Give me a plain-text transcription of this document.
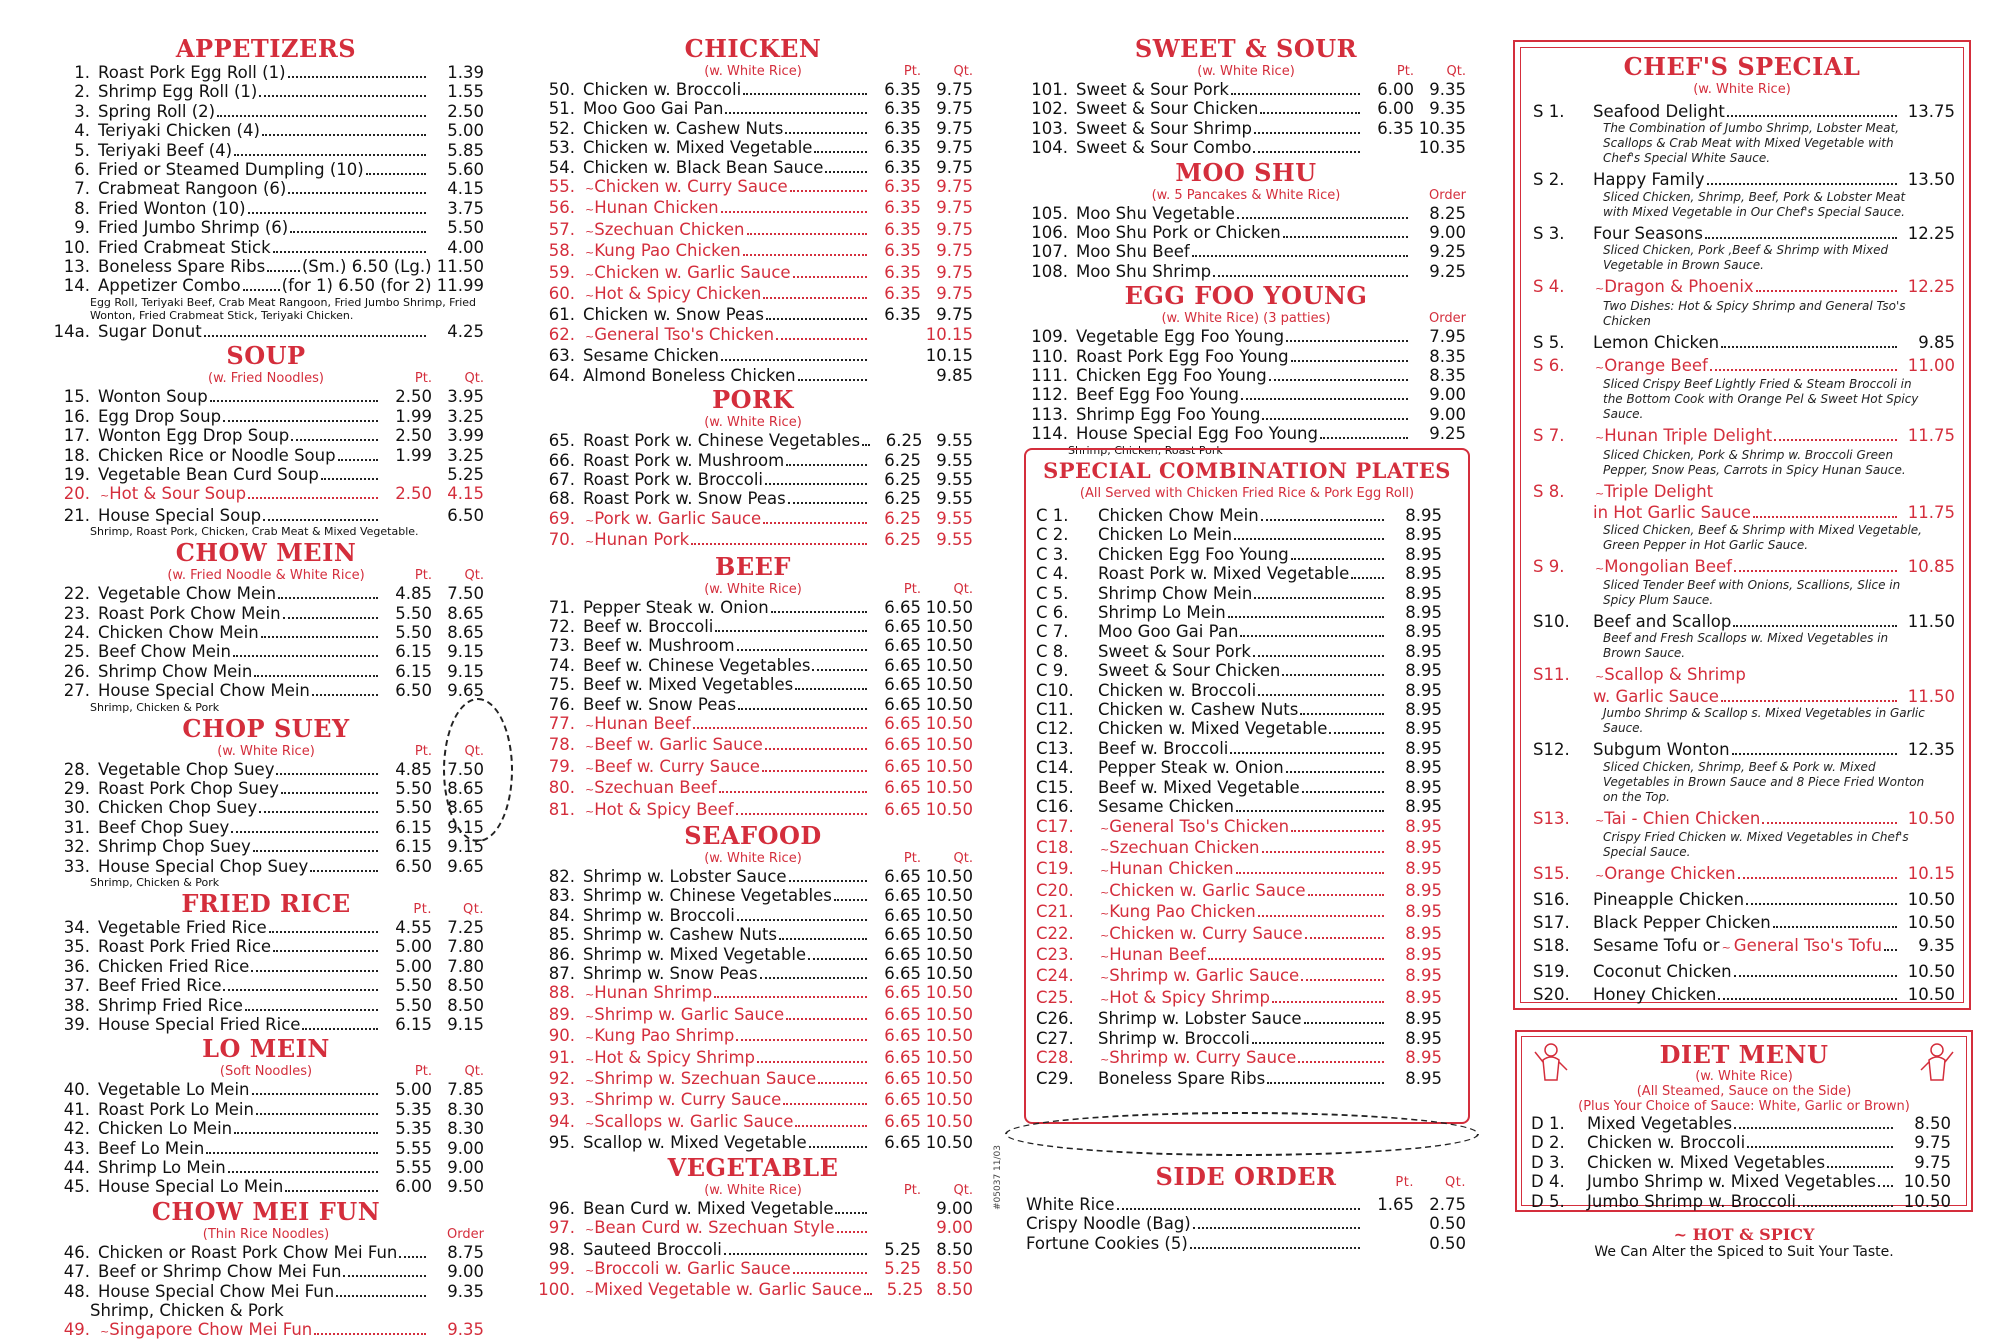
APPETIZERS
1. Roast Pork Egg Roll (1)	1.39
2. Shrimp Egg Roll (1)	1.55
3. Spring Roll (2)	2.50
4. Teriyaki Chicken (4)	5.00
5. Teriyaki Beef (4)	5.85
6. Fried or Steamed Dumpling (10)	5.60
7. Crabmeat Rangoon (6)	4.15
8. Fried Wonton (10)	3.75
9. Fried Jumbo Shrimp (6)	5.50
10. Fried Crabmeat Stick	4.00
13. Boneless Spare Ribs (Sm.) 6.50 (Lg.) 11.50
14. Appetizer Combo (for 1) 6.50 (for 2) 11.99
Egg Roll, Teriyaki Beef, Crab Meat Rangoon, Fried Jumbo Shrimp, Fried Wonton, Fried Crabmeat Stick, Teriyaki Chicken.
14a. Sugar Donut	4.25
SOUP
(w. Fried Noodles)	Pt.	Qt.
15. Wonton Soup	2.50 3.95
16. Egg Drop Soup	1.99 3.25
17. Wonton Egg Drop Soup	2.50 3.99
18. Chicken Rice or Noodle Soup	1.99 3.25
19. Vegetable Bean Curd Soup	5.25
20. ~ Hot & Sour Soup	2.50 4.15
21. House Special Soup	6.50
Shrimp, Roast Pork, Chicken, Crab Meat & Mixed Vegetable.
CHOW MEIN
(w. Fried Noodle & White Rice)	Pt.	Qt.
22. Vegetable Chow Mein	4.85 7.50
23. Roast Pork Chow Mein	5.50 8.65
24. Chicken Chow Mein	5.50 8.65
25. Beef Chow Mein	6.15 9.15
26. Shrimp Chow Mein	6.15 9.15
27. House Special Chow Mein	6.50 9.65
Shrimp, Chicken & Pork
CHOP SUEY
(w. White Rice)	Pt.	Qt.
28. Vegetable Chop Suey	4.85 7.50
29. Roast Pork Chop Suey	5.50 8.65
30. Chicken Chop Suey	5.50 8.65
31. Beef Chop Suey	6.15 9.15
32. Shrimp Chop Suey	6.15 9.15
33. House Special Chop Suey	6.50 9.65
Shrimp, Chicken & Pork
FRIED RICE	Pt. Qt.
34. Vegetable Fried Rice	4.55 7.25
35. Roast Pork Fried Rice	5.00 7.80
36. Chicken Fried Rice	5.00 7.80
37. Beef Fried Rice	5.50 8.50
38. Shrimp Fried Rice	5.50 8.50
39. House Special Fried Rice	6.15 9.15
LO MEIN
(Soft Noodles)	Pt.	Qt.
40. Vegetable Lo Mein	5.00 7.85
41. Roast Pork Lo Mein	5.35 8.30
42. Chicken Lo Mein	5.35 8.30
43. Beef Lo Mein	5.55 9.00
44. Shrimp Lo Mein	5.55 9.00
45. House Special Lo Mein	6.00 9.50
CHOW MEI FUN
(Thin Rice Noodles)	Order
46. Chicken or Roast Pork Chow Mei Fun	8.75
47. Beef or Shrimp Chow Mei Fun	9.00
48. House Special Chow Mei Fun	9.35
Shrimp, Chicken & Pork
49. ~ Singapore Chow Mei Fun	9.35
CHICKEN
(w. White Rice)	Pt.	Qt.
50. Chicken w. Broccoli	6.35 9.75
51. Moo Goo Gai Pan	6.35 9.75
52. Chicken w. Cashew Nuts	6.35 9.75
53. Chicken w. Mixed Vegetable	6.35 9.75
54. Chicken w. Black Bean Sauce	6.35 9.75
55. ~ Chicken w. Curry Sauce	6.35 9.75
56. ~ Hunan Chicken	6.35 9.75
57. ~ Szechuan Chicken	6.35 9.75
58. ~ Kung Pao Chicken	6.35 9.75
59. ~ Chicken w. Garlic Sauce	6.35 9.75
60. ~ Hot & Spicy Chicken	6.35 9.75
61. Chicken w. Snow Peas	6.35 9.75
62. ~ General Tso's Chicken	10.15
63. Sesame Chicken	10.15
64. Almond Boneless Chicken	9.85
PORK
(w. White Rice)
65. Roast Pork w. Chinese Vegetables	6.25 9.55
66. Roast Pork w. Mushroom	6.25 9.55
67. Roast Pork w. Broccoli	6.25 9.55
68. Roast Pork w. Snow Peas	6.25 9.55
69. ~ Pork w. Garlic Sauce	6.25 9.55
70. ~ Hunan Pork	6.25 9.55
BEEF
(w. White Rice)	Pt.	Qt.
71. Pepper Steak w. Onion	6.65 10.50
72. Beef w. Broccoli	6.65 10.50
73. Beef w. Mushroom	6.65 10.50
74. Beef w. Chinese Vegetables	6.65 10.50
75. Beef w. Mixed Vegetables	6.65 10.50
76. Beef w. Snow Peas	6.65 10.50
77. ~ Hunan Beef	6.65 10.50
78. ~ Beef w. Garlic Sauce	6.65 10.50
79. ~ Beef w. Curry Sauce	6.65 10.50
80. ~ Szechuan Beef	6.65 10.50
81. ~ Hot & Spicy Beef	6.65 10.50
SEAFOOD
(w. White Rice)	Pt.	Qt.
82. Shrimp w. Lobster Sauce	6.65 10.50
83. Shrimp w. Chinese Vegetables	6.65 10.50
84. Shrimp w. Broccoli	6.65 10.50
85. Shrimp w. Cashew Nuts	6.65 10.50
86. Shrimp w. Mixed Vegetable	6.65 10.50
87. Shrimp w. Snow Peas	6.65 10.50
88. ~ Hunan Shrimp	6.65 10.50
89. ~ Shrimp w. Garlic Sauce	6.65 10.50
90. ~ Kung Pao Shrimp	6.65 10.50
91. ~ Hot & Spicy Shrimp	6.65 10.50
92. ~ Shrimp w. Szechuan Sauce	6.65 10.50
93. ~ Shrimp w. Curry Sauce	6.65 10.50
94. ~ Scallops w. Garlic Sauce	6.65 10.50
95. Scallop w. Mixed Vegetable	6.65 10.50
VEGETABLE
(w. White Rice)	Pt.	Qt.
96. Bean Curd w. Mixed Vegetable	9.00
97. ~ Bean Curd w. Szechuan Style	9.00
98. Sauteed Broccoli	5.25 8.50
99. ~ Broccoli w. Garlic Sauce	5.25 8.50
100. ~ Mixed Vegetable w. Garlic Sauce	5.25 8.50
#05037 11/03
SWEET & SOUR
(w. White Rice)	Pt.	Qt.
101. Sweet & Sour Pork	6.00 9.35
102. Sweet & Sour Chicken	6.00 9.35
103. Sweet & Sour Shrimp	6.35 10.35
104. Sweet & Sour Combo	10.35
MOO SHU
(w. 5 Pancakes & White Rice)	Order
105. Moo Shu Vegetable	8.25
106. Moo Shu Pork or Chicken	9.00
107. Moo Shu Beef	9.25
108. Moo Shu Shrimp	9.25
EGG FOO YOUNG
(w. White Rice) (3 patties)	Order
109. Vegetable Egg Foo Young	7.95
110. Roast Pork Egg Foo Young	8.35
111. Chicken Egg Foo Young	8.35
112. Beef Egg Foo Young	9.00
113. Shrimp Egg Foo Young	9.00
114. House Special Egg Foo Young	9.25
Shrimp, Chicken, Roast Pork
SPECIAL COMBINATION PLATES
(All Served with Chicken Fried Rice & Pork Egg Roll)
C 1.	Chicken Chow Mein	8.95
C 2.	Chicken Lo Mein	8.95
C 3.	Chicken Egg Foo Young	8.95
C 4.	Roast Pork w. Mixed Vegetable	8.95
C 5.	Shrimp Chow Mein	8.95
C 6.	Shrimp Lo Mein	8.95
C 7.	Moo Goo Gai Pan	8.95
C 8.	Sweet & Sour Pork	8.95
C 9.	Sweet & Sour Chicken	8.95
C10.	Chicken w. Broccoli	8.95
C11.	Chicken w. Cashew Nuts	8.95
C12.	Chicken w. Mixed Vegetable	8.95
C13.	Beef w. Broccoli	8.95
C14.	Pepper Steak w. Onion	8.95
C15.	Beef w. Mixed Vegetable	8.95
C16.	Sesame Chicken	8.95
C17.	~ General Tso's Chicken	8.95
C18.	~ Szechuan Chicken	8.95
C19.	~ Hunan Chicken	8.95
C20.	~ Chicken w. Garlic Sauce	8.95
C21.	~ Kung Pao Chicken	8.95
C22.	~ Chicken w. Curry Sauce	8.95
C23.	~ Hunan Beef	8.95
C24.	~ Shrimp w. Garlic Sauce	8.95
C25.	~ Hot & Spicy Shrimp	8.95
C26.	Shrimp w. Lobster Sauce	8.95
C27.	Shrimp w. Broccoli	8.95
C28.	~ Shrimp w. Curry Sauce	8.95
C29.	Boneless Spare Ribs	8.95
SIDE ORDER	Pt. Qt.
White Rice	1.65 2.75
Crispy Noodle (Bag)	0.50
Fortune Cookies (5)	0.50
CHEF'S SPECIAL
(w. White Rice)
S 1.	Seafood Delight	13.75
The Combination of Jumbo Shrimp, Lobster Meat, Scallops & Crab Meat with Mixed Vegetable with Chef's Special White Sauce.
S 2.	Happy Family	13.50
Sliced Chicken, Shrimp, Beef, Pork & Lobster Meat with Mixed Vegetable in Our Chef's Special Sauce.
S 3.	Four Seasons	12.25
Sliced Chicken, Pork ,Beef & Shrimp with Mixed Vegetable in Brown Sauce.
S 4.	~ Dragon & Phoenix	12.25
Two Dishes: Hot & Spicy Shrimp and General Tso's Chicken
S 5.	Lemon Chicken	9.85
S 6.	~ Orange Beef	11.00
Sliced Crispy Beef Lightly Fried & Steam Broccoli in the Bottom Cook with Orange Pel & Sweet Hot Spicy Sauce.
S 7.	~ Hunan Triple Delight	11.75
Sliced Chicken, Pork & Shrimp w. Broccoli Green Pepper, Snow Peas, Carrots in Spicy Hunan Sauce.
S 8.	~ Triple Delight
in Hot Garlic Sauce	11.75
Sliced Chicken, Beef & Shrimp with Mixed Vegetable, Green Pepper in Hot Garlic Sauce.
S 9.	~ Mongolian Beef	10.85
Sliced Tender Beef with Onions, Scallions, Slice in Spicy Plum Sauce.
S10.	Beef and Scallop	11.50
Beef and Fresh Scallops w. Mixed Vegetables in Brown Sauce.
S11.	~ Scallop & Shrimp
w. Garlic Sauce	11.50
Jumbo Shrimp & Scallop s. Mixed Vegetables in Garlic Sauce.
S12.	Subgum Wonton	12.35
Sliced Chicken, Shrimp, Beef & Pork w. Mixed Vegetables in Brown Sauce and 8 Piece Fried Wonton on the Top.
S13.	~ Tai - Chien Chicken	10.50
Crispy Fried Chicken w. Mixed Vegetables in Chef's Special Sauce.
S15.	~ Orange Chicken	10.15
S16.	Pineapple Chicken	10.50
S17.	Black Pepper Chicken	10.50
S18.	Sesame Tofu or ~ General Tso's Tofu	9.35
S19.	Coconut Chicken	10.50
S20.	Honey Chicken	10.50
DIET MENU
(w. White Rice)
(All Steamed, Sauce on the Side)
(Plus Your Choice of Sauce: White, Garlic or Brown)
D 1.	Mixed Vegetables	8.50
D 2.	Chicken w. Broccoli	9.75
D 3.	Chicken w. Mixed Vegetables	9.75
D 4.	Jumbo Shrimp w. Mixed Vegetables	10.50
D 5.	Jumbo Shrimp w. Broccoli	10.50
~ HOT & SPICY
We Can Alter the Spiced to Suit Your Taste.
